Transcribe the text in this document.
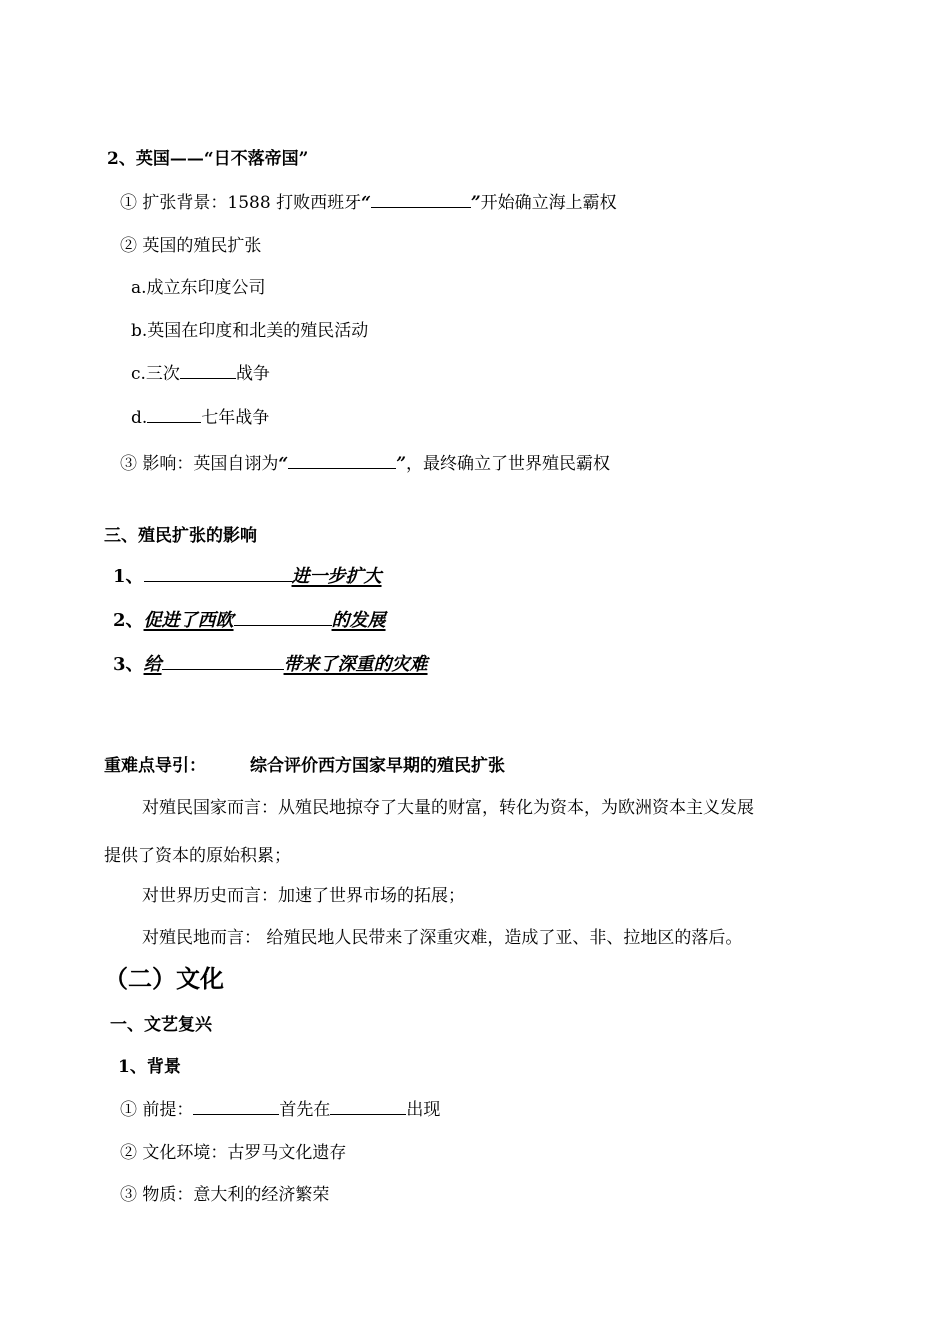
2、英国——“日不落帝国”
① 扩张背景：1588 打败西班牙“	”开始确立海上霸权
② 英国的殖民扩张
a.成立东印度公司
b.英国在印度和北美的殖民活动
c.三次	战争
d.	七年战争
③ 影响：英国自诩为“	”，最终确立了世界殖民霸权
三、殖民扩张的影响
1、	进一步扩大
2、促进了西欧	的发展
3、给	带来了深重的灾难
重难点导引：	综合评价西方国家早期的殖民扩张
对殖民国家而言：从殖民地掠夺了大量的财富，转化为资本，为欧洲资本主义发展
提供了资本的原始积累；
对世界历史而言：加速了世界市场的拓展；
对殖民地而言： 给殖民地人民带来了深重灾难，造成了亚、非、拉地区的落后。
（二）文化
一、文艺复兴
1、背景
① 前提：	首先在	出现
② 文化环境：古罗马文化遗存
③ 物质：意大利的经济繁荣
